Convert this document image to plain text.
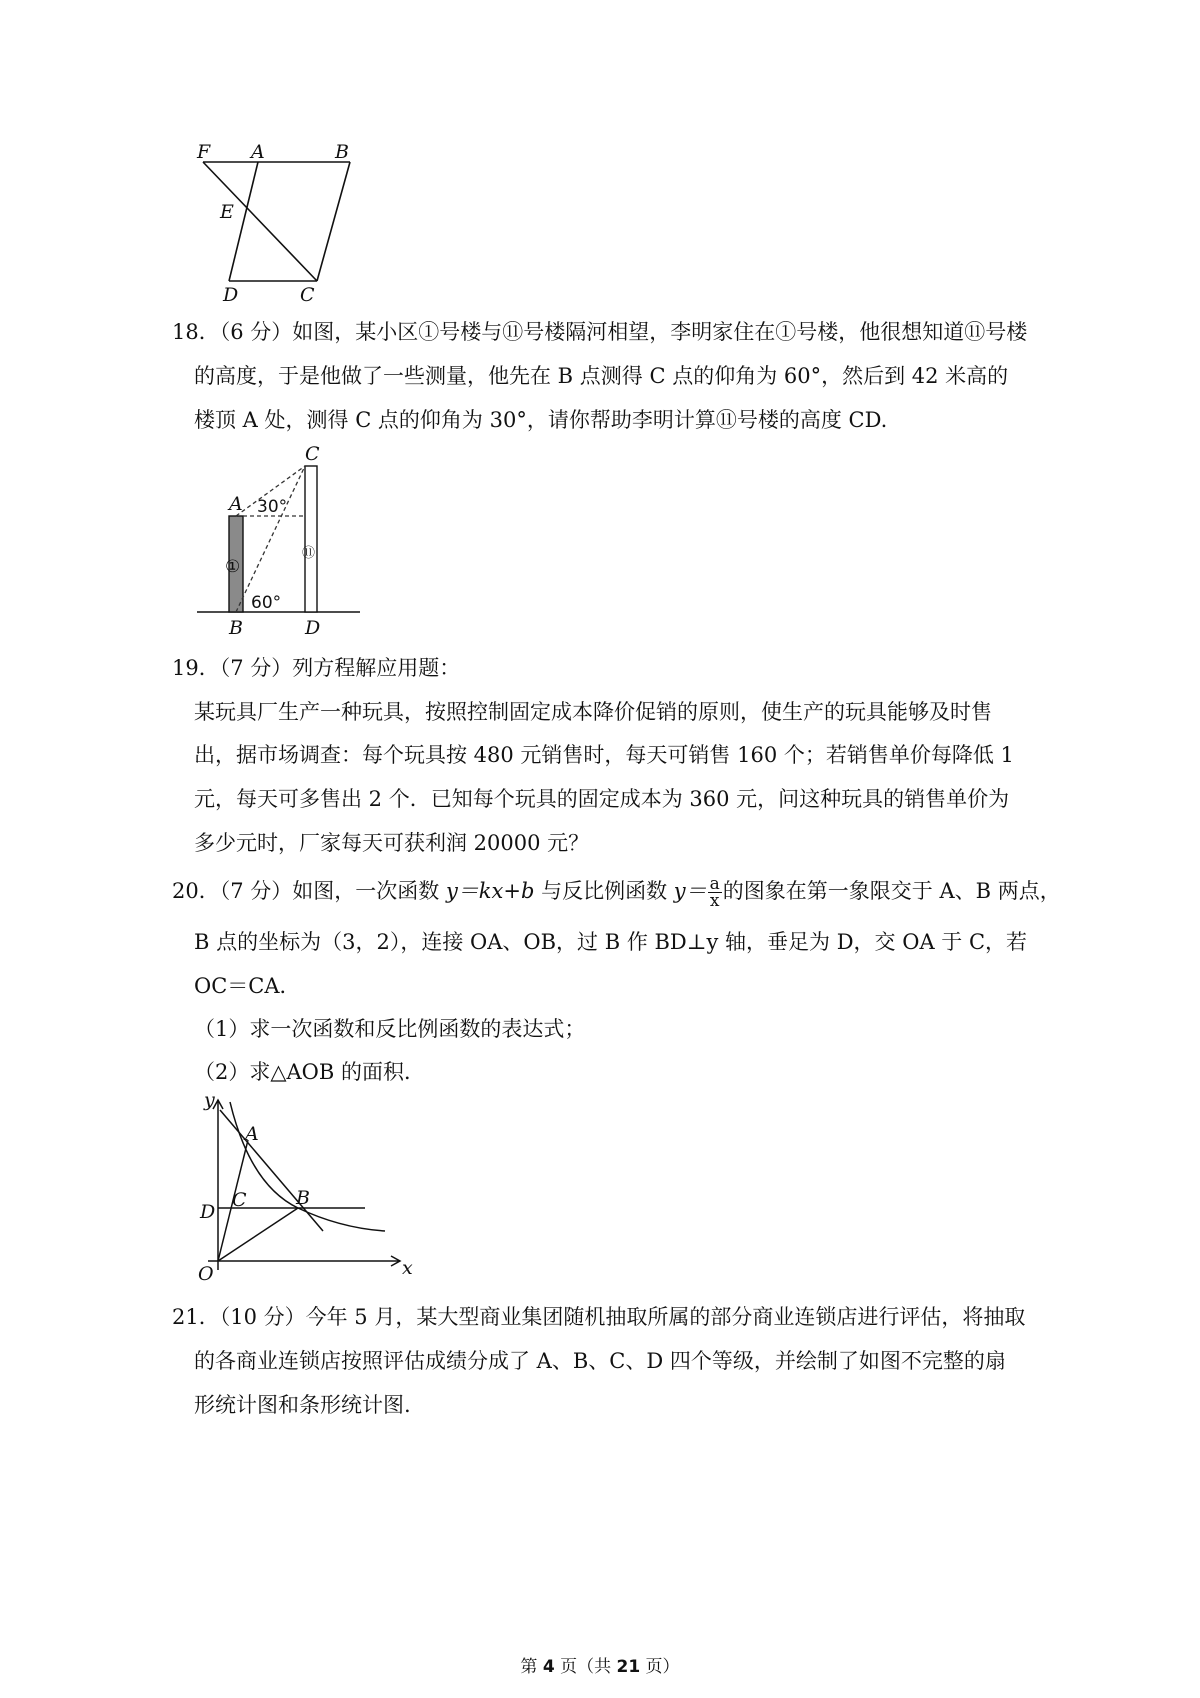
F A	B
E
D	C
18．（6 分）如图，某小区①号楼与⑪号楼隔河相望，李明家住在①号楼，他很想知道⑪号楼
的高度，于是他做了一些测量，他先在 B 点测得 C 点的仰角为 60°，然后到 42 米高的
楼顶 A 处，测得 C 点的仰角为 30°，请你帮助李明计算⑪号楼的高度 CD.
C
A 30°
①
⑪
60°
B	D
19．（7 分）列方程解应用题：
某玩具厂生产一种玩具，按照控制固定成本降价促销的原则，使生产的玩具能够及时售
出，据市场调查：每个玩具按 480 元销售时，每天可销售 160 个；若销售单价每降低 1
元，每天可多售出 2 个．已知每个玩具的固定成本为 360 元，问这种玩具的销售单价为
多少元时，厂家每天可获利润 20000 元？
20．（7 分）如图，一次函数 y＝kx+b 与反比例函数 $y= \frac{a}{x}$ 的图象在第一象限交于 A、B 两点，
B 点的坐标为（3，2），连接 OA、OB，过 B 作 BD⊥y 轴，垂足为 D，交 OA 于 C，若
OC＝CA．
（1）求一次函数和反比例函数的表达式；
（2）求△AOB 的面积．
y
x
O
A
C
D
B
21．（10 分）今年 5 月，某大型商业集团随机抽取所属的部分商业连锁店进行评估，将抽取
的各商业连锁店按照评估成绩分成了 A、B、C、D 四个等级，并绘制了如图不完整的扇
形统计图和条形统计图.
第 4 页（共 21 页）
